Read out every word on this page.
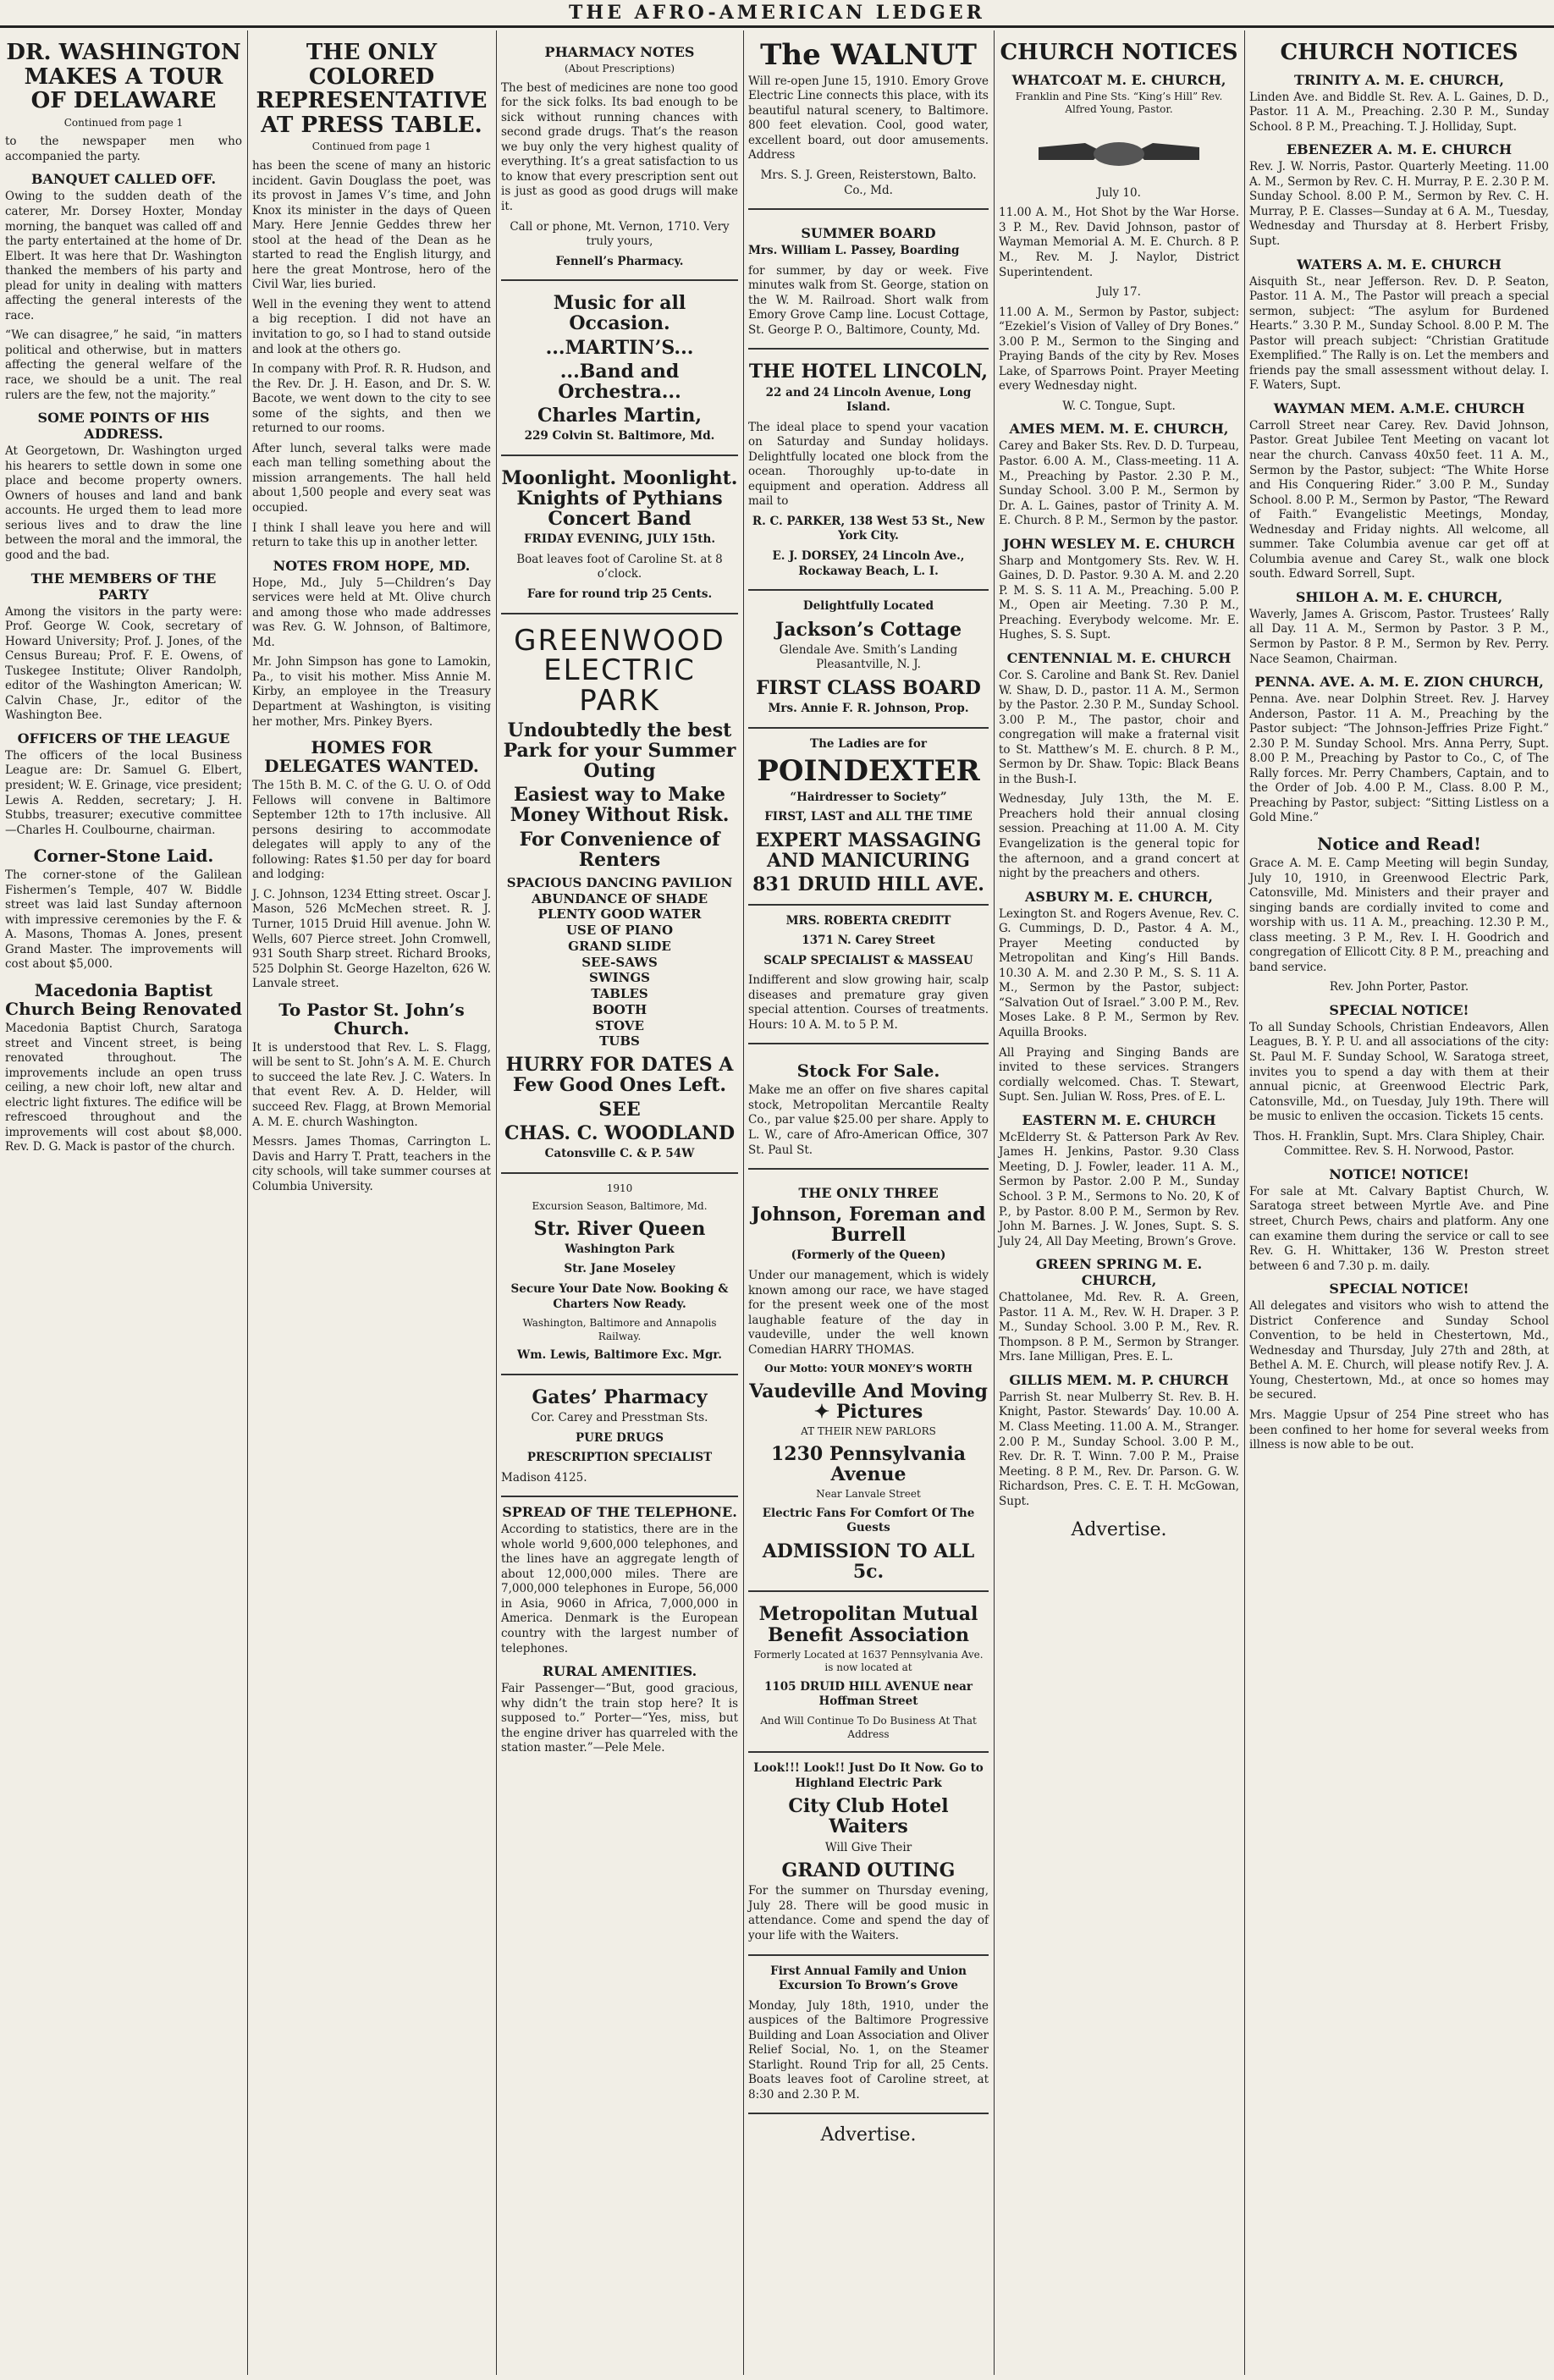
THE AFRO-AMERICAN LEDGER
DR. WASHINGTON MAKES A TOUR OF DELAWARE

Continued from page 1

to the newspaper men who accompanied the party.

BANQUET CALLED OFF.

Owing to the sudden death of the caterer, Mr. Dorsey Hoxter, Monday morning, the banquet was called off and the party entertained at the home of Dr. Elbert. It was here that Dr. Washington thanked the members of his party and plead for unity in dealing with matters affecting the general interests of the race.

“We can disagree,” he said, “in matters political and otherwise, but in matters affecting the general welfare of the race, we should be a unit. The real rulers are the few, not the majority.”

SOME POINTS OF HIS ADDRESS.

At Georgetown, Dr. Washington urged his hearers to settle down in some one place and become property owners. Owners of houses and land and bank accounts. He urged them to lead more serious lives and to draw the line between the moral and the immoral, the good and the bad.

THE MEMBERS OF THE PARTY

Among the visitors in the party were: Prof. George W. Cook, secretary of Howard University; Prof. J. Jones, of the Census Bureau; Prof. F. E. Owens, of Tuskegee Institute; Oliver Randolph, editor of the Washington American; W. Calvin Chase, Jr., editor of the Washington Bee.

OFFICERS OF THE LEAGUE

The officers of the local Business League are: Dr. Samuel G. Elbert, president; W. E. Grinage, vice president; Lewis A. Redden, secretary; J. H. Stubbs, treasurer; executive committee—Charles H. Coulbourne, chairman.

Corner-Stone Laid.

The corner-stone of the Galilean Fishermen’s Temple, 407 W. Biddle street was laid last Sunday afternoon with impressive ceremonies by the F. & A. Masons, Thomas A. Jones, present Grand Master. The improvements will cost about $5,000.

Macedonia Baptist Church Being Renovated

Macedonia Baptist Church, Saratoga street and Vincent street, is being renovated throughout. The improvements include an open truss ceiling, a new choir loft, new altar and electric light fixtures. The edifice will be refrescoed throughout and the improvements will cost about $8,000. Rev. D. G. Mack is pastor of the church.

THE ONLY COLORED REPRESENTATIVE AT PRESS TABLE.

Continued from page 1

has been the scene of many an historic incident. Gavin Douglass the poet, was its provost in James V’s time, and John Knox its minister in the days of Queen Mary. Here Jennie Geddes threw her stool at the head of the Dean as he started to read the English liturgy, and here the great Montrose, hero of the Civil War, lies buried.

Well in the evening they went to attend a big reception. I did not have an invitation to go, so I had to stand outside and look at the others go.

In company with Prof. R. R. Hudson, and the Rev. Dr. J. H. Eason, and Dr. S. W. Bacote, we went down to the city to see some of the sights, and then we returned to our rooms.

After lunch, several talks were made each man telling something about the mission arrangements. The hall held about 1,500 people and every seat was occupied.

I think I shall leave you here and will return to take this up in another letter.

NOTES FROM HOPE, MD.

Hope, Md., July 5—Children’s Day services were held at Mt. Olive church and among those who made addresses was Rev. G. W. Johnson, of Baltimore, Md.

Mr. John Simpson has gone to Lamokin, Pa., to visit his mother. Miss Annie M. Kirby, an employee in the Treasury Department at Washington, is visiting her mother, Mrs. Pinkey Byers.

HOMES FOR DELEGATES WANTED.

The 15th B. M. C. of the G. U. O. of Odd Fellows will convene in Baltimore September 12th to 17th inclusive. All persons desiring to accommodate delegates will apply to any of the following: Rates $1.50 per day for board and lodging:

J. C. Johnson, 1234 Etting street. Oscar J. Mason, 526 McMechen street. R. J. Turner, 1015 Druid Hill avenue. John W. Wells, 607 Pierce street. John Cromwell, 931 South Sharp street. Richard Brooks, 525 Dolphin St. George Hazelton, 626 W. Lanvale street.

To Pastor St. John’s Church.

It is understood that Rev. L. S. Flagg, will be sent to St. John’s A. M. E. Church to succeed the late Rev. J. C. Waters. In that event Rev. A. D. Helder, will succeed Rev. Flagg, at Brown Memorial A. M. E. church Washington.

Messrs. James Thomas, Carrington L. Davis and Harry T. Pratt, teachers in the city schools, will take summer courses at Columbia University.

PHARMACY NOTES

(About Prescriptions)

The best of medicines are none too good for the sick folks. Its bad enough to be sick without running chances with second grade drugs. That’s the reason we buy only the very highest quality of everything. It’s a great satisfaction to us to know that every prescription sent out is just as good as good drugs will make it.

Call or phone, Mt. Vernon, 1710. Very truly yours,

Fennell’s Pharmacy.

Music for all Occasion.
...MARTIN’S...
...Band and Orchestra...
Charles Martin,

229 Colvin St. Baltimore, Md.

Moonlight. Moonlight. Knights of Pythians Concert Band

FRIDAY EVENING, JULY 15th.

Boat leaves foot of Caroline St. at 8 o’clock.

Fare for round trip 25 Cents.

GREENWOOD ELECTRIC PARK
Undoubtedly the best Park for your Summer Outing
Easiest way to Make Money Without Risk.
For Convenience of Renters
SPACIOUS DANCING PAVILION
ABUNDANCE OF SHADE
PLENTY GOOD WATER
USE OF PIANO
GRAND SLIDE
SEE-SAWS
SWINGS
TABLES
BOOTH
STOVE
TUBS
HURRY FOR DATES A Few Good Ones Left.
SEE
CHAS. C. WOODLAND

Catonsville C. & P. 54W

1910

Excursion Season, Baltimore, Md.

Str. River Queen

Washington Park

Str. Jane Moseley

Secure Your Date Now. Booking & Charters Now Ready.

Washington, Baltimore and Annapolis Railway.

Wm. Lewis, Baltimore Exc. Mgr.

Gates’ Pharmacy

Cor. Carey and Presstman Sts.

PURE DRUGS

PRESCRIPTION SPECIALIST

Madison 4125.

SPREAD OF THE TELEPHONE.

According to statistics, there are in the whole world 9,600,000 telephones, and the lines have an aggregate length of about 12,000,000 miles. There are 7,000,000 telephones in Europe, 56,000 in Asia, 9060 in Africa, 7,000,000 in America. Denmark is the European country with the largest number of telephones.

RURAL AMENITIES.

Fair Passenger—“But, good gracious, why didn’t the train stop here? It is supposed to.” Porter—“Yes, miss, but the engine driver has quarreled with the station master.”—Pele Mele.

The WALNUT

Will re-open June 15, 1910. Emory Grove Electric Line connects this place, with its beautiful natural scenery, to Baltimore. 800 feet elevation. Cool, good water, excellent board, out door amusements. Address

Mrs. S. J. Green, Reisterstown, Balto. Co., Md.

SUMMER BOARD

Mrs. William L. Passey, Boarding

for summer, by day or week. Five minutes walk from St. George, station on the W. M. Railroad. Short walk from Emory Grove Camp line. Locust Cottage, St. George P. O., Baltimore, County, Md.

THE HOTEL LINCOLN,

22 and 24 Lincoln Avenue, Long Island.

The ideal place to spend your vacation on Saturday and Sunday holidays. Delightfully located one block from the ocean. Thoroughly up-to-date in equipment and operation. Address all mail to

R. C. PARKER, 138 West 53 St., New York City.

E. J. DORSEY, 24 Lincoln Ave., Rockaway Beach, L. I.

Delightfully Located

Jackson’s Cottage

Glendale Ave. Smith’s Landing Pleasantville, N. J.

FIRST CLASS BOARD

Mrs. Annie F. R. Johnson, Prop.

The Ladies are for

POINDEXTER

“Hairdresser to Society”

FIRST, LAST and ALL THE TIME

EXPERT MASSAGING AND MANICURING
831 DRUID HILL AVE.

MRS. ROBERTA CREDITT

1371 N. Carey Street

SCALP SPECIALIST & MASSEAU

Indifferent and slow growing hair, scalp diseases and premature gray given special attention. Courses of treatments. Hours: 10 A. M. to 5 P. M.

Stock For Sale.

Make me an offer on five shares capital stock, Metropolitan Mercantile Realty Co., par value $25.00 per share. Apply to L. W., care of Afro-American Office, 307 St. Paul St.

THE ONLY THREE
Johnson, Foreman and Burrell

(Formerly of the Queen)

Under our management, which is widely known among our race, we have staged for the present week one of the most laughable feature of the day in vaudeville, under the well known Comedian HARRY THOMAS.

Our Motto: YOUR MONEY’S WORTH

Vaudeville And Moving ✦ Pictures

AT THEIR NEW PARLORS

1230 Pennsylvania Avenue

Near Lanvale Street

Electric Fans For Comfort Of The Guests

ADMISSION TO ALL 5c.
Metropolitan Mutual Benefit Association

Formerly Located at 1637 Pennsylvania Ave. is now located at

1105 DRUID HILL AVENUE near Hoffman Street

And Will Continue To Do Business At That Address

Look!!! Look!! Just Do It Now. Go to Highland Electric Park

City Club Hotel Waiters

Will Give Their

GRAND OUTING

For the summer on Thursday evening, July 28. There will be good music in attendance. Come and spend the day of your life with the Waiters.

First Annual Family and Union Excursion To Brown’s Grove

Monday, July 18th, 1910, under the auspices of the Baltimore Progressive Building and Loan Association and Oliver Relief Social, No. 1, on the Steamer Starlight. Round Trip for all, 25 Cents. Boats leaves foot of Caroline street, at 8:30 and 2.30 P. M.

Advertise.
CHURCH NOTICES
WHATCOAT M. E. CHURCH,

Franklin and Pine Sts. “King’s Hill” Rev. Alfred Young, Pastor.

July 10.

11.00 A. M., Hot Shot by the War Horse. 3 P. M., Rev. David Johnson, pastor of Wayman Memorial A. M. E. Church. 8 P. M., Rev. M. J. Naylor, District Superintendent.

July 17.

11.00 A. M., Sermon by Pastor, subject: “Ezekiel’s Vision of Valley of Dry Bones.” 3.00 P. M., Sermon to the Singing and Praying Bands of the city by Rev. Moses Lake, of Sparrows Point. Prayer Meeting every Wednesday night.

W. C. Tongue, Supt.

AMES MEM. M. E. CHURCH,

Carey and Baker Sts. Rev. D. D. Turpeau, Pastor. 6.00 A. M., Class-meeting. 11 A. M., Preaching by Pastor. 2.30 P. M., Sunday School. 3.00 P. M., Sermon by Dr. A. L. Gaines, pastor of Trinity A. M. E. Church. 8 P. M., Sermon by the pastor.

JOHN WESLEY M. E. CHURCH

Sharp and Montgomery Sts. Rev. W. H. Gaines, D. D. Pastor. 9.30 A. M. and 2.20 P. M. S. S. 11 A. M., Preaching. 5.00 P. M., Open air Meeting. 7.30 P. M., Preaching. Everybody welcome. Mr. E. Hughes, S. S. Supt.

CENTENNIAL M. E. CHURCH

Cor. S. Caroline and Bank St. Rev. Daniel W. Shaw, D. D., pastor. 11 A. M., Sermon by the Pastor. 2.30 P. M., Sunday School. 3.00 P. M., The pastor, choir and congregation will make a fraternal visit to St. Matthew’s M. E. church. 8 P. M., Sermon by Dr. Shaw. Topic: Black Beans in the Bush-I.

Wednesday, July 13th, the M. E. Preachers hold their annual closing session. Preaching at 11.00 A. M. City Evangelization is the general topic for the afternoon, and a grand concert at night by the preachers and others.

ASBURY M. E. CHURCH,

Lexington St. and Rogers Avenue, Rev. C. G. Cummings, D. D., Pastor. 4 A. M., Prayer Meeting conducted by Metropolitan and King’s Hill Bands. 10.30 A. M. and 2.30 P. M., S. S. 11 A. M., Sermon by the Pastor, subject: “Salvation Out of Israel.” 3.00 P. M., Rev. Moses Lake. 8 P. M., Sermon by Rev. Aquilla Brooks.

All Praying and Singing Bands are invited to these services. Strangers cordially welcomed. Chas. T. Stewart, Supt. Sen. Julian W. Ross, Pres. of E. L.

EASTERN M. E. CHURCH

McElderry St. & Patterson Park Av Rev. James H. Jenkins, Pastor. 9.30 Class Meeting, D. J. Fowler, leader. 11 A. M., Sermon by Pastor. 2.00 P. M., Sunday School. 3 P. M., Sermons to No. 20, K of P., by Pastor. 8.00 P. M., Sermon by Rev. John M. Barnes. J. W. Jones, Supt. S. S. July 24, All Day Meeting, Brown’s Grove.

GREEN SPRING M. E. CHURCH,

Chattolanee, Md. Rev. R. A. Green, Pastor. 11 A. M., Rev. W. H. Draper. 3 P. M., Sunday School. 3.00 P. M., Rev. R. Thompson. 8 P. M., Sermon by Stranger. Mrs. Iane Milligan, Pres. E. L.

GILLIS MEM. M. P. CHURCH

Parrish St. near Mulberry St. Rev. B. H. Knight, Pastor. Stewards’ Day. 10.00 A. M. Class Meeting. 11.00 A. M., Stranger. 2.00 P. M., Sunday School. 3.00 P. M., Rev. Dr. R. T. Winn. 7.00 P. M., Praise Meeting. 8 P. M., Rev. Dr. Parson. G. W. Richardson, Pres. C. E. T. H. McGowan, Supt.

Advertise.
CHURCH NOTICES
TRINITY A. M. E. CHURCH,

Linden Ave. and Biddle St. Rev. A. L. Gaines, D. D., Pastor. 11 A. M., Preaching. 2.30 P. M., Sunday School. 8 P. M., Preaching. T. J. Holliday, Supt.

EBENEZER A. M. E. CHURCH

Rev. J. W. Norris, Pastor. Quarterly Meeting. 11.00 A. M., Sermon by Rev. C. H. Murray, P. E. 2.30 P. M. Sunday School. 8.00 P. M., Sermon by Rev. C. H. Murray, P. E. Classes—Sunday at 6 A. M., Tuesday, Wednesday and Thursday at 8. Herbert Frisby, Supt.

WATERS A. M. E. CHURCH

Aisquith St., near Jefferson. Rev. D. P. Seaton, Pastor. 11 A. M., The Pastor will preach a special sermon, subject: “The asylum for Burdened Hearts.” 3.30 P. M., Sunday School. 8.00 P. M. The Pastor will preach subject: “Christian Gratitude Exemplified.” The Rally is on. Let the members and friends pay the small assessment without delay. I. F. Waters, Supt.

WAYMAN MEM. A.M.E. CHURCH

Carroll Street near Carey. Rev. David Johnson, Pastor. Great Jubilee Tent Meeting on vacant lot near the church. Canvass 40x50 feet. 11 A. M., Sermon by the Pastor, subject: “The White Horse and His Conquering Rider.” 3.00 P. M., Sunday School. 8.00 P. M., Sermon by Pastor, “The Reward of Faith.” Evangelistic Meetings, Monday, Wednesday and Friday nights. All welcome, all summer. Take Columbia avenue car get off at Columbia avenue and Carey St., walk one block south. Edward Sorrell, Supt.

SHILOH A. M. E. CHURCH,

Waverly, James A. Griscom, Pastor. Trustees’ Rally all Day. 11 A. M., Sermon by Pastor. 3 P. M., Sermon by Pastor. 8 P. M., Sermon by Rev. Perry. Nace Seamon, Chairman.

PENNA. AVE. A. M. E. ZION CHURCH,

Penna. Ave. near Dolphin Street. Rev. J. Harvey Anderson, Pastor. 11 A. M., Preaching by the Pastor subject: “The Johnson-Jeffries Prize Fight.” 2.30 P. M. Sunday School. Mrs. Anna Perry, Supt. 8.00 P. M., Preaching by Pastor to Co., C, of The Rally forces. Mr. Perry Chambers, Captain, and to the Order of Job. 4.00 P. M., Class. 8.00 P. M., Preaching by Pastor, subject: “Sitting Listless on a Gold Mine.”

Notice and Read!

Grace A. M. E. Camp Meeting will begin Sunday, July 10, 1910, in Greenwood Electric Park, Catonsville, Md. Ministers and their prayer and singing bands are cordially invited to come and worship with us. 11 A. M., preaching. 12.30 P. M., class meeting. 3 P. M., Rev. I. H. Goodrich and congregation of Ellicott City. 8 P. M., preaching and band service.

Rev. John Porter, Pastor.

SPECIAL NOTICE!

To all Sunday Schools, Christian Endeavors, Allen Leagues, B. Y. P. U. and all associations of the city: St. Paul M. F. Sunday School, W. Saratoga street, invites you to spend a day with them at their annual picnic, at Greenwood Electric Park, Catonsville, Md., on Tuesday, July 19th. There will be music to enliven the occasion. Tickets 15 cents.

Thos. H. Franklin, Supt. Mrs. Clara Shipley, Chair. Committee. Rev. S. H. Norwood, Pastor.

NOTICE! NOTICE!

For sale at Mt. Calvary Baptist Church, W. Saratoga street between Myrtle Ave. and Pine street, Church Pews, chairs and platform. Any one can examine them during the service or call to see Rev. G. H. Whittaker, 136 W. Preston street between 6 and 7.30 p. m. daily.

SPECIAL NOTICE!

All delegates and visitors who wish to attend the District Conference and Sunday School Convention, to be held in Chestertown, Md., Wednesday and Thursday, July 27th and 28th, at Bethel A. M. E. Church, will please notify Rev. J. A. Young, Chestertown, Md., at once so homes may be secured.

Mrs. Maggie Upsur of 254 Pine street who has been confined to her home for several weeks from illness is now able to be out.
